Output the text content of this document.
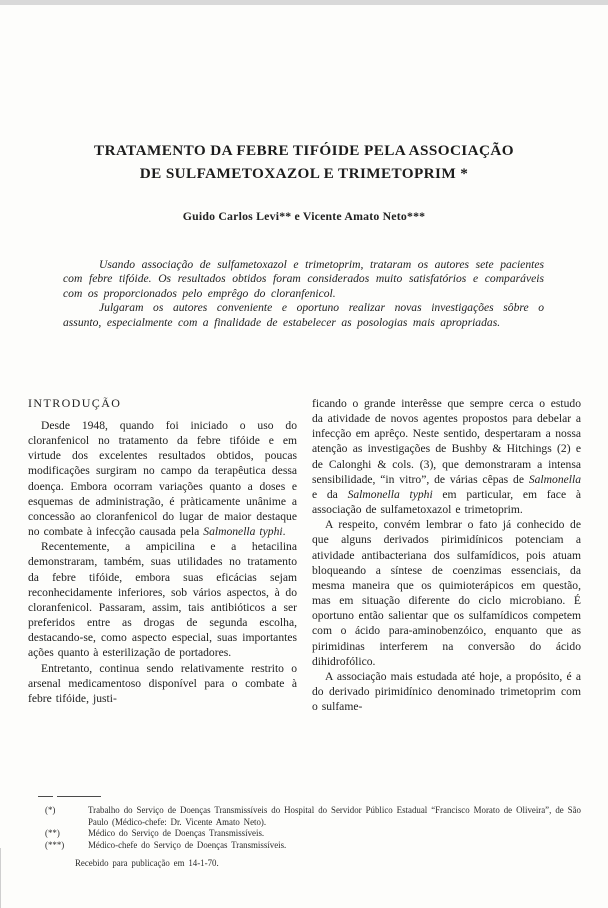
TRATAMENTO DA FEBRE TIFÓIDE PELA ASSOCIAÇÃO
DE SULFAMETOXAZOL E TRIMETOPRIM *
Guido Carlos Levi** e Vicente Amato Neto***

Usando associação de sulfametoxazol e trimetoprim, trataram os autores sete pacientes com febre tifóide. Os resultados obtidos foram considerados muito satisfatórios e comparáveis com os proporcionados pelo emprêgo do cloranfenicol.

Julgaram os autores conveniente e oportuno realizar novas investigações sôbre o assunto, especialmente com a finalidade de estabelecer as posologias mais apropriadas.

INTRODUÇÃO

Desde 1948, quando foi iniciado o uso do cloranfenicol no tratamento da febre tifóide e em virtude dos excelentes resultados obtidos, poucas modificações surgiram no campo da terapêutica dessa doença. Embora ocorram variações quanto a doses e esquemas de administração, é pràticamente unânime a concessão ao cloranfenicol do lugar de maior destaque no combate à infecção causada pela Salmonella typhi.

Recentemente, a ampicilina e a hetacilina demonstraram, também, suas utilidades no tratamento da febre tifóide, embora suas eficácias sejam reconhecidamente inferiores, sob vários aspectos, à do cloranfenicol. Passaram, assim, tais antibióticos a ser preferidos entre as drogas de segunda escolha, destacando-se, como aspecto especial, suas importantes ações quanto à esterilização de portadores.

Entretanto, continua sendo relativamente restrito o arsenal medicamentoso disponível para o combate à febre tifóide, justi-

ficando o grande interêsse que sempre cerca o estudo da atividade de novos agentes propostos para debelar a infecção em aprêço. Neste sentido, despertaram a nossa atenção as investigações de Bushby & Hitchings (2) e de Calonghi & cols. (3), que demonstraram a intensa sensibilidade, “in vitro”, de várias cêpas de Salmonella e da Salmonella typhi em particular, em face à associação de sulfametoxazol e trimetoprim.

A respeito, convém lembrar o fato já conhecido de que alguns derivados pirimidínicos potenciam a atividade antibacteriana dos sulfamídicos, pois atuam bloqueando a síntese de coenzimas essenciais, da mesma maneira que os quimioterápicos em questão, mas em situação diferente do ciclo microbiano. É oportuno então salientar que os sulfamídicos competem com o ácido para-aminobenzóico, enquanto que as pirimidinas interferem na conversão do ácido dihidrofólico.

A associação mais estudada até hoje, a propósito, é a do derivado pirimidínico denominado trimetoprim com o sulfame-

(*)	Trabalho do Serviço de Doenças Transmissíveis do Hospital do Servidor Público Estadual “Francisco Morato de Oliveira”, de São Paulo (Médico-chefe: Dr. Vicente Amato Neto).
(**)	Médico do Serviço de Doenças Transmissíveis.
(***)	Médico-chefe do Serviço de Doenças Transmissíveis.
Recebido para publicação em 14-1-70.
